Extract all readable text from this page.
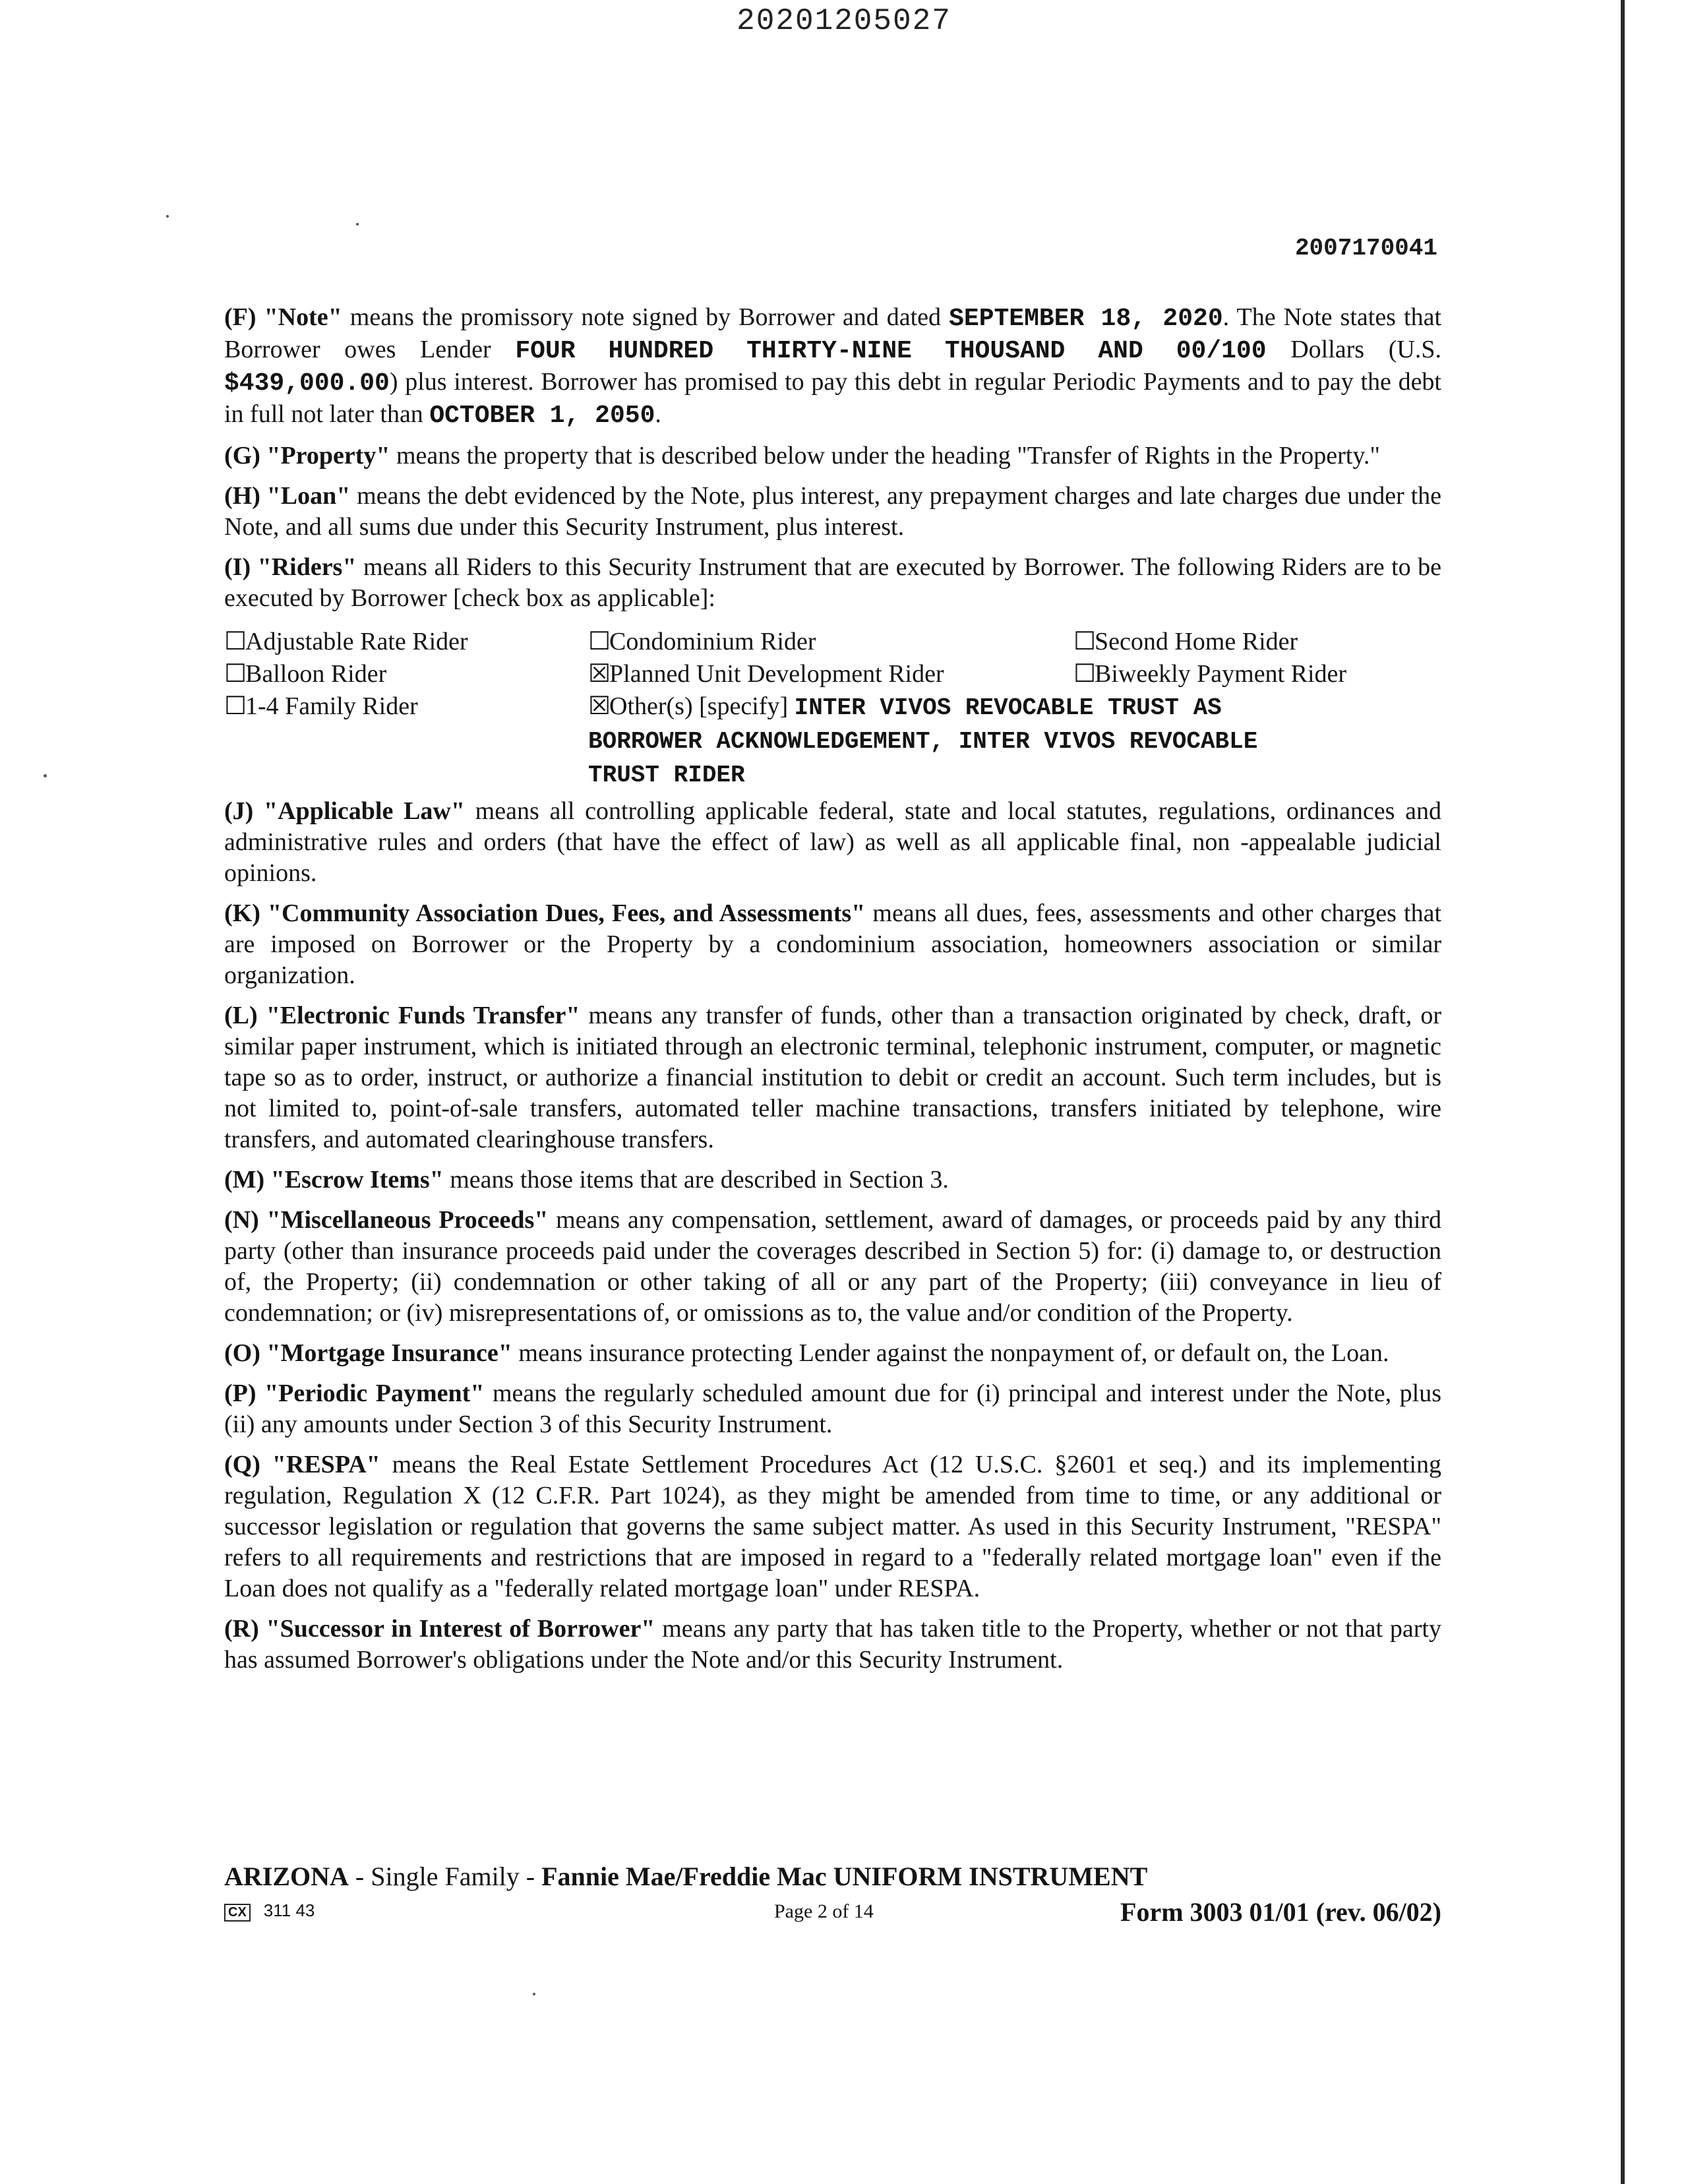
20201205027
2007170041

(F) "Note" means the promissory note signed by Borrower and dated SEPTEMBER 18, 2020. The Note states that Borrower owes Lender FOUR HUNDRED THIRTY-NINE THOUSAND AND 00/100 Dollars (U.S. $439,000.00) plus interest. Borrower has promised to pay this debt in regular Periodic Payments and to pay the debt in full not later than OCTOBER 1, 2050.

(G) "Property" means the property that is described below under the heading "Transfer of Rights in the Property."

(H) "Loan" means the debt evidenced by the Note, plus interest, any prepayment charges and late charges due under the Note, and all sums due under this Security Instrument, plus interest.

(I) "Riders" means all Riders to this Security Instrument that are executed by Borrower. The following Riders are to be executed by Borrower [check box as applicable]:

☐Adjustable Rate Rider
☐Balloon Rider
☐1-4 Family Rider
☐Condominium Rider
☒Planned Unit Development Rider
☒Other(s) [specify] INTER VIVOS REVOCABLE TRUST AS
BORROWER ACKNOWLEDGEMENT, INTER VIVOS REVOCABLE
TRUST RIDER
☐Second Home Rider
☐Biweekly Payment Rider

(J) "Applicable Law" means all controlling applicable federal, state and local statutes, regulations, ordinances and administrative rules and orders (that have the effect of law) as well as all applicable final, non -appealable judicial opinions.

(K) "Community Association Dues, Fees, and Assessments" means all dues, fees, assessments and other charges that are imposed on Borrower or the Property by a condominium association, homeowners association or similar organization.

(L) "Electronic Funds Transfer" means any transfer of funds, other than a transaction originated by check, draft, or similar paper instrument, which is initiated through an electronic terminal, telephonic instrument, computer, or magnetic tape so as to order, instruct, or authorize a financial institution to debit or credit an account. Such term includes, but is not limited to, point-of-sale transfers, automated teller machine transactions, transfers initiated by telephone, wire transfers, and automated clearinghouse transfers.

(M) "Escrow Items" means those items that are described in Section 3.

(N) "Miscellaneous Proceeds" means any compensation, settlement, award of damages, or proceeds paid by any third party (other than insurance proceeds paid under the coverages described in Section 5) for: (i) damage to, or destruction of, the Property; (ii) condemnation or other taking of all or any part of the Property; (iii) conveyance in lieu of condemnation; or (iv) misrepresentations of, or omissions as to, the value and/or condition of the Property.

(O) "Mortgage Insurance" means insurance protecting Lender against the nonpayment of, or default on, the Loan.

(P) "Periodic Payment" means the regularly scheduled amount due for (i) principal and interest under the Note, plus (ii) any amounts under Section 3 of this Security Instrument.

(Q) "RESPA" means the Real Estate Settlement Procedures Act (12 U.S.C. §2601 et seq.) and its implementing regulation, Regulation X (12 C.F.R. Part 1024), as they might be amended from time to time, or any additional or successor legislation or regulation that governs the same subject matter. As used in this Security Instrument, "RESPA" refers to all requirements and restrictions that are imposed in regard to a "federally related mortgage loan" even if the Loan does not qualify as a "federally related mortgage loan" under RESPA.

(R) "Successor in Interest of Borrower" means any party that has taken title to the Property, whether or not that party has assumed Borrower's obligations under the Note and/or this Security Instrument.

ARIZONA - Single Family - Fannie Mae/Freddie Mac UNIFORM INSTRUMENT
CX 311 43	Page 2 of 14	Form 3003 01/01 (rev. 06/02)
